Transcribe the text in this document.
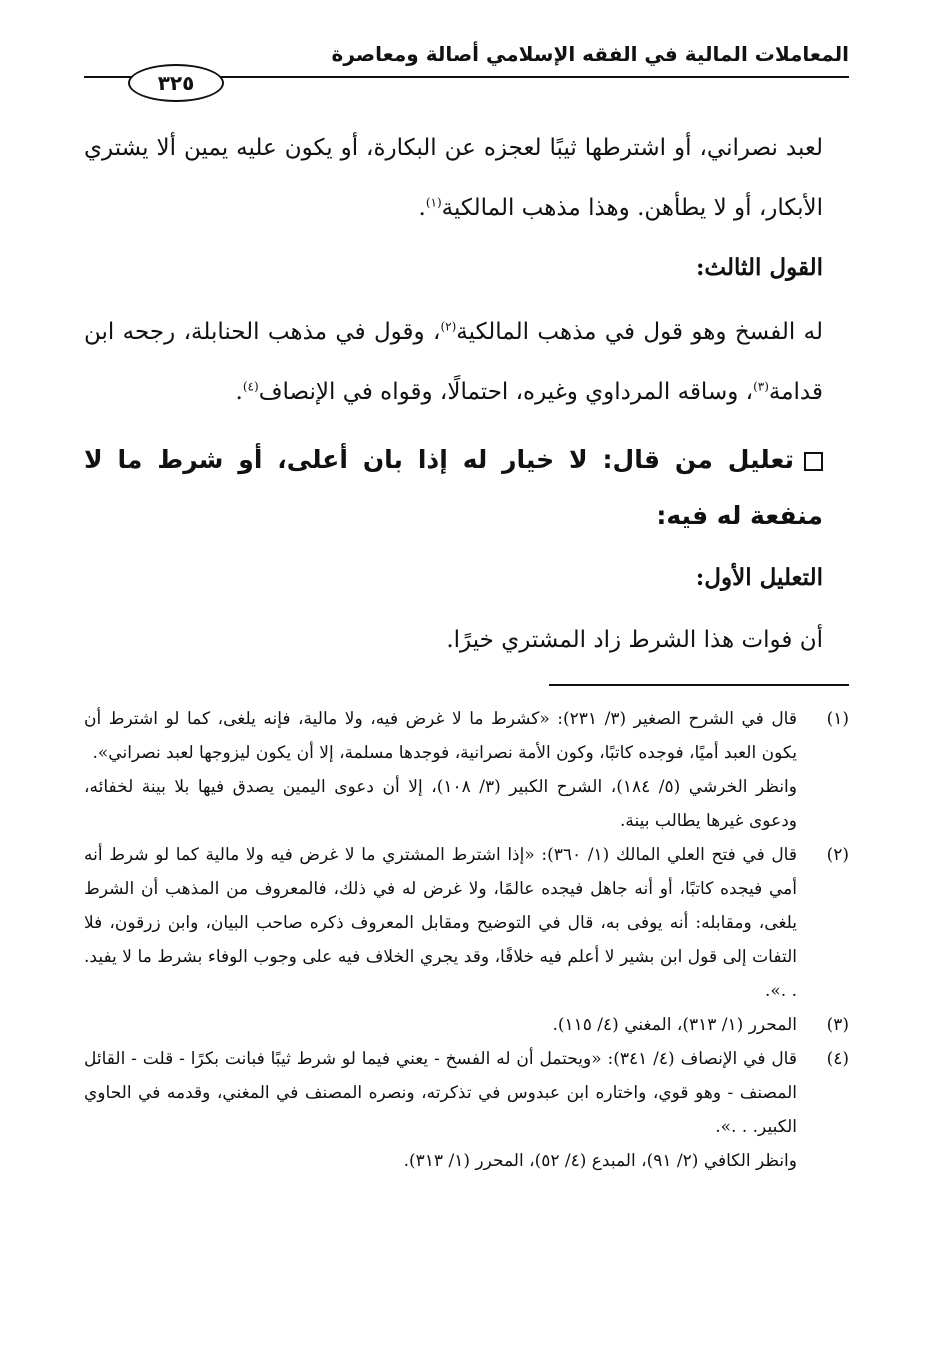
المعاملات المالية في الفقه الإسلامي أصالة ومعاصرة
٣٢٥

لعبد نصراني، أو اشترطها ثيبًا لعجزه عن البكارة، أو يكون عليه يمين ألا يشتري الأبكار، أو لا يطأهن. وهذا مذهب المالكية$^{(١)}$.

القول الثالث:

له الفسخ وهو قول في مذهب المالكية$^{(٢)}$، وقول في مذهب الحنابلة، رجحه ابن قدامة$^{(٣)}$، وساقه المرداوي وغيره، احتمالًا، وقواه في الإنصاف$^{(٤)}$.

تعليل من قال: لا خيار له إذا بان أعلى، أو شرط ما لا منفعة له فيه:

التعليل الأول:

أن فوات هذا الشرط زاد المشتري خيرًا.

(١)
قال في الشرح الصغير (٣/ ٢٣١): «كشرط ما لا غرض فيه، ولا مالية، فإنه يلغى، كما لو اشترط أن يكون العبد أميًا، فوجده كاتبًا، وكون الأمة نصرانية، فوجدها مسلمة، إلا أن يكون ليزوجها لعبد نصراني».
وانظر الخرشي (٥/ ١٨٤)، الشرح الكبير (٣/ ١٠٨)، إلا أن دعوى اليمين يصدق فيها بلا بينة لخفائه، ودعوى غيرها يطالب بينة.
(٢)
قال في فتح العلي المالك (١/ ٣٦٠): «إذا اشترط المشتري ما لا غرض فيه ولا مالية كما لو شرط أنه أمي فيجده كاتبًا، أو أنه جاهل فيجده عالمًا، ولا غرض له في ذلك، فالمعروف من المذهب أن الشرط يلغى، ومقابله: أنه يوفى به، قال في التوضيح ومقابل المعروف ذكره صاحب البيان، وابن زرقون، فلا التفات إلى قول ابن بشير لا أعلم فيه خلافًا، وقد يجري الخلاف فيه على وجوب الوفاء بشرط ما لا يفيد. . .».
(٣)
المحرر (١/ ٣١٣)، المغني (٤/ ١١٥).
(٤)
قال في الإنصاف (٤/ ٣٤١): «ويحتمل أن له الفسخ - يعني فيما لو شرط ثيبًا فبانت بكرًا - قلت - القائل المصنف - وهو قوي، واختاره ابن عبدوس في تذكرته، ونصره المصنف في المغني، وقدمه في الحاوي الكبير. . .».
وانظر الكافي (٢/ ٩١)، المبدع (٤/ ٥٢)، المحرر (١/ ٣١٣).
